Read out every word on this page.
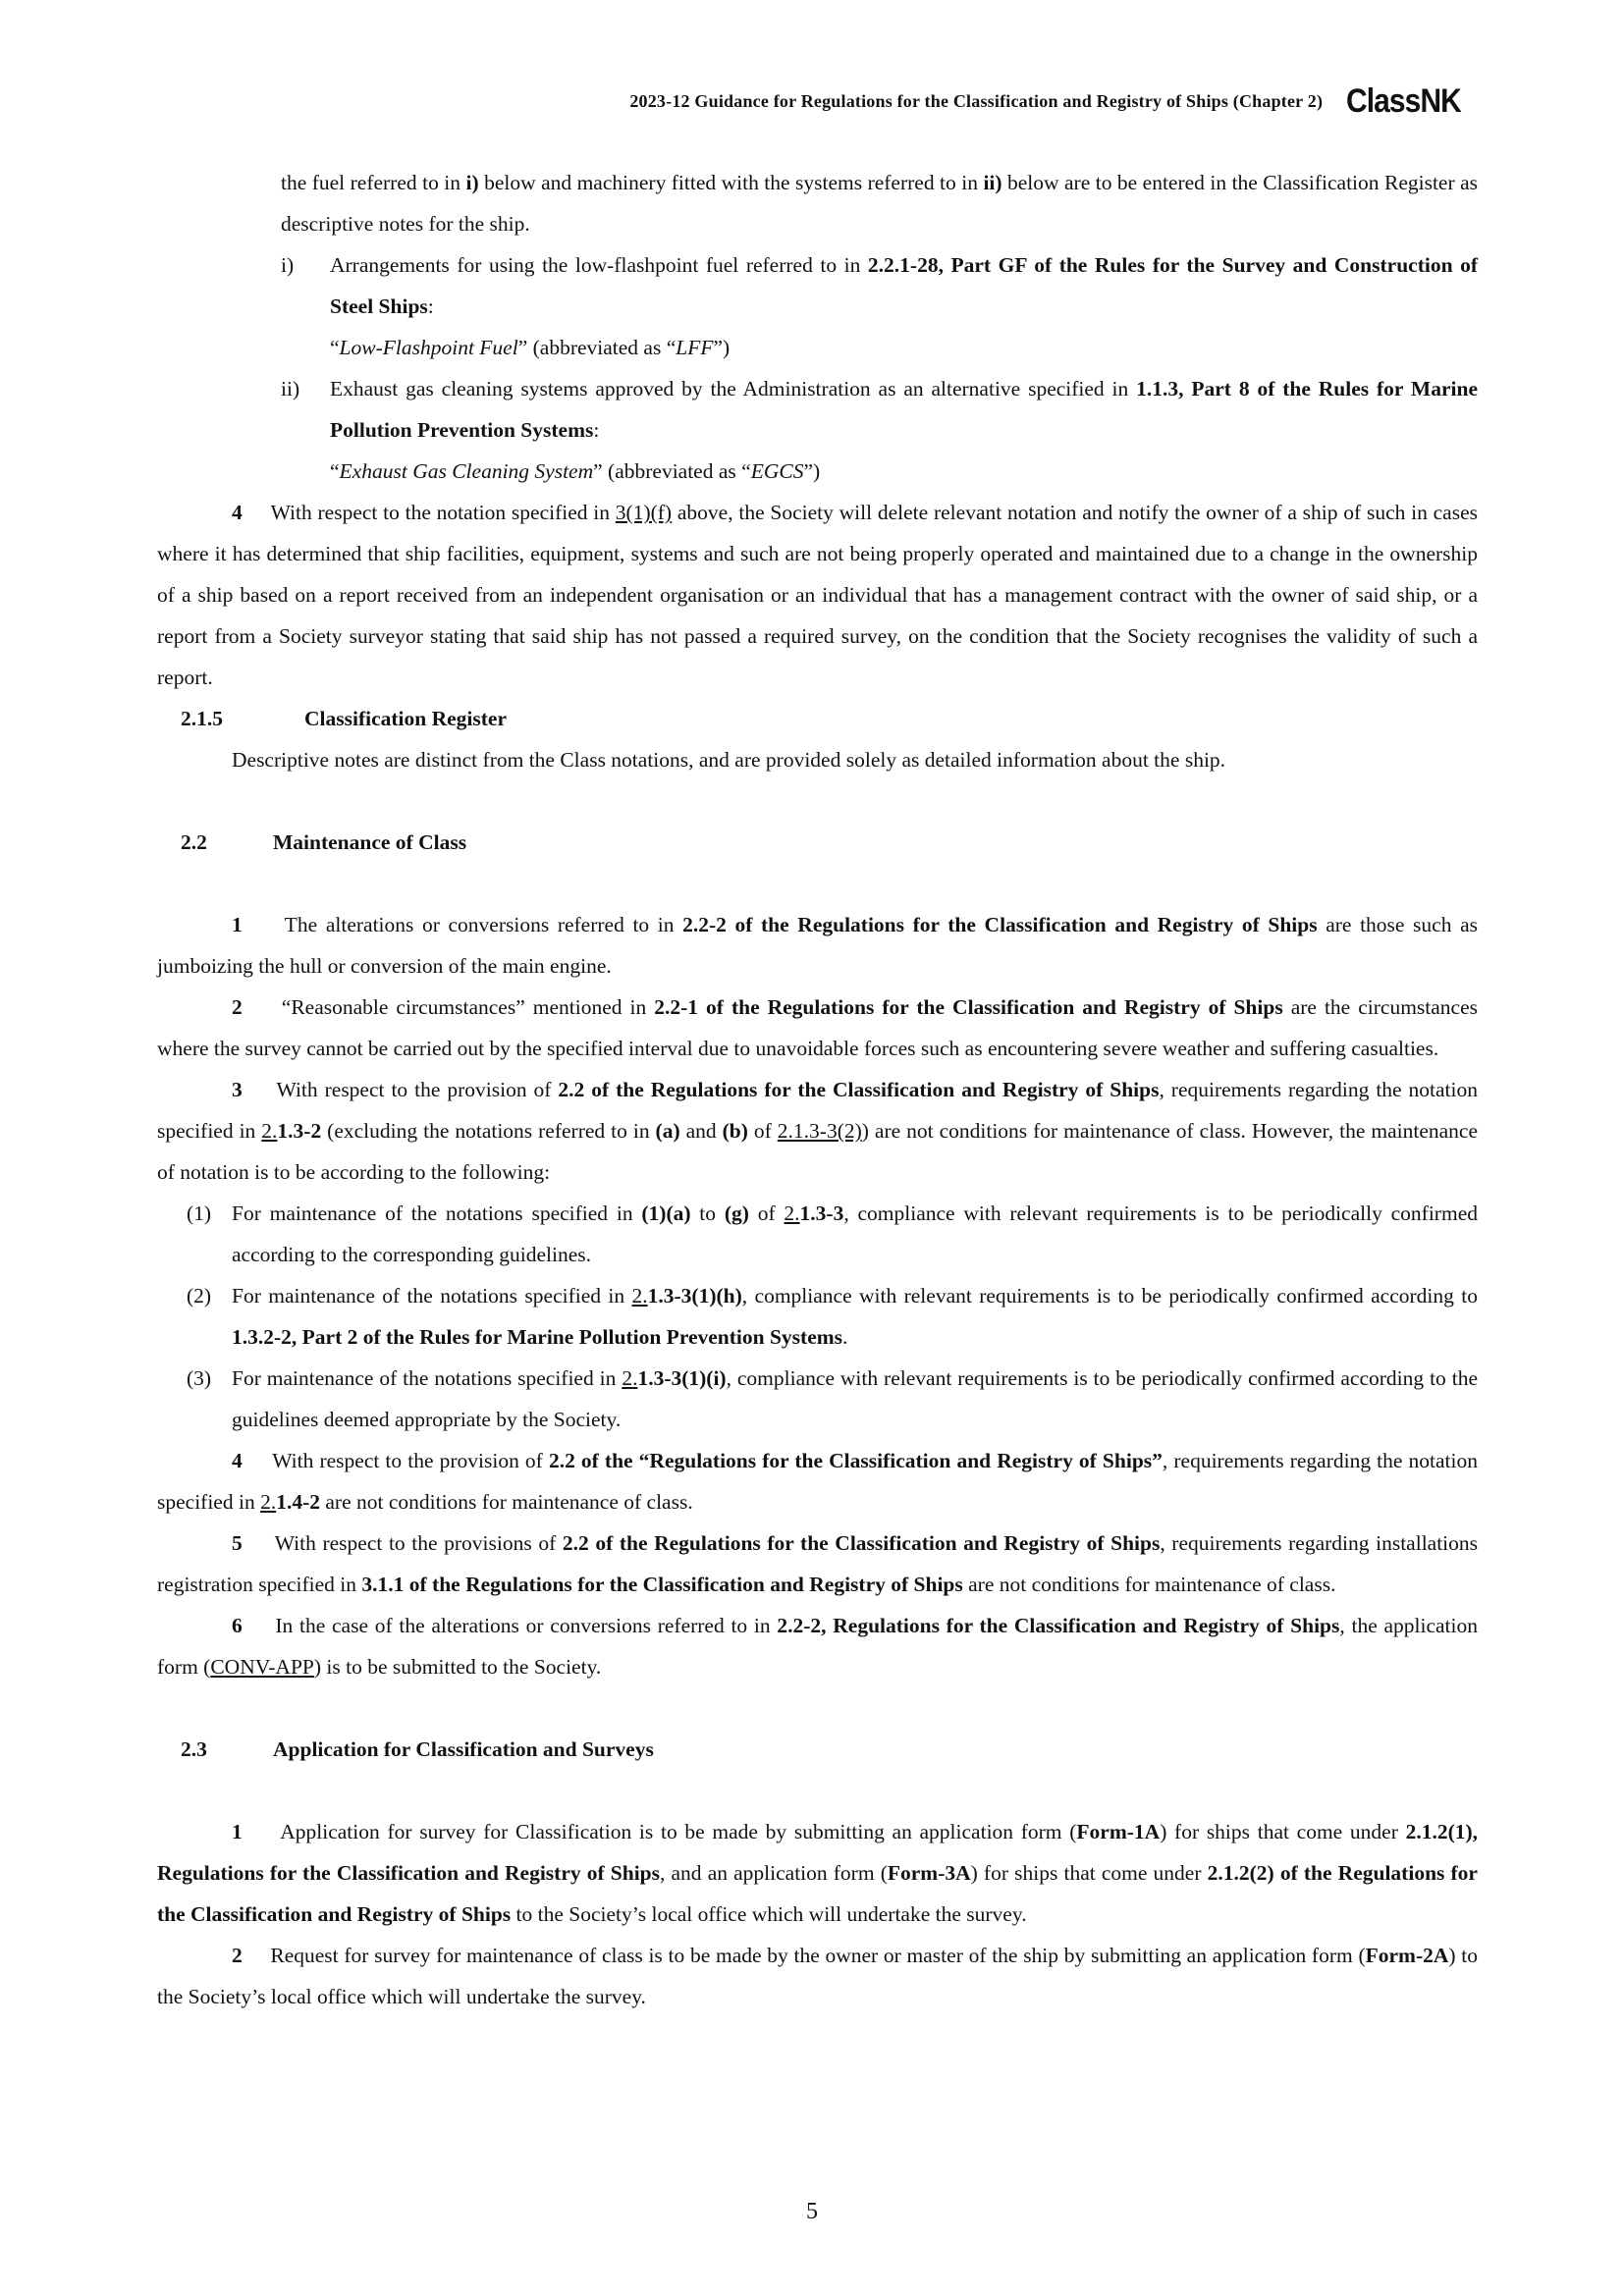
2023-12 Guidance for Regulations for the Classification and Registry of Ships (Chapter 2) ClassNK

the fuel referred to in i) below and machinery fitted with the systems referred to in ii) below are to be entered in the Classification Register as descriptive notes for the ship.

i)	Arrangements for using the low-flashpoint fuel referred to in 2.2.1-28, Part GF of the Rules for the Survey and Construction of Steel Ships:

“Low-Flashpoint Fuel” (abbreviated as “LFF”)

ii)	Exhaust gas cleaning systems approved by the Administration as an alternative specified in 1.1.3, Part 8 of the Rules for Marine Pollution Prevention Systems:

“Exhaust Gas Cleaning System” (abbreviated as “EGCS”)

4 With respect to the notation specified in 3(1)(f) above, the Society will delete relevant notation and notify the owner of a ship of such in cases where it has determined that ship facilities, equipment, systems and such are not being properly operated and maintained due to a change in the ownership of a ship based on a report received from an independent organisation or an individual that has a management contract with the owner of said ship, or a report from a Society surveyor stating that said ship has not passed a required survey, on the condition that the Society recognises the validity of such a report.

2.1.5	Classification Register

Descriptive notes are distinct from the Class notations, and are provided solely as detailed information about the ship.

2.2	Maintenance of Class

1 The alterations or conversions referred to in 2.2-2 of the Regulations for the Classification and Registry of Ships are those such as jumboizing the hull or conversion of the main engine.

2 “Reasonable circumstances” mentioned in 2.2-1 of the Regulations for the Classification and Registry of Ships are the circumstances where the survey cannot be carried out by the specified interval due to unavoidable forces such as encountering severe weather and suffering casualties.

3 With respect to the provision of 2.2 of the Regulations for the Classification and Registry of Ships, requirements regarding the notation specified in 2.1.3-2 (excluding the notations referred to in (a) and (b) of 2.1.3-3(2)) are not conditions for maintenance of class. However, the maintenance of notation is to be according to the following:

(1) For maintenance of the notations specified in (1)(a) to (g) of 2.1.3-3, compliance with relevant requirements is to be periodically confirmed according to the corresponding guidelines.
(2) For maintenance of the notations specified in 2.1.3-3(1)(h), compliance with relevant requirements is to be periodically confirmed according to 1.3.2-2, Part 2 of the Rules for Marine Pollution Prevention Systems.
(3) For maintenance of the notations specified in 2.1.3-3(1)(i), compliance with relevant requirements is to be periodically confirmed according to the guidelines deemed appropriate by the Society.

4 With respect to the provision of 2.2 of the “Regulations for the Classification and Registry of Ships”, requirements regarding the notation specified in 2.1.4-2 are not conditions for maintenance of class.

5 With respect to the provisions of 2.2 of the Regulations for the Classification and Registry of Ships, requirements regarding installations registration specified in 3.1.1 of the Regulations for the Classification and Registry of Ships are not conditions for maintenance of class.

6 In the case of the alterations or conversions referred to in 2.2-2, Regulations for the Classification and Registry of Ships, the application form (CONV-APP) is to be submitted to the Society.

2.3	Application for Classification and Surveys

1 Application for survey for Classification is to be made by submitting an application form (Form-1A) for ships that come under 2.1.2(1), Regulations for the Classification and Registry of Ships, and an application form (Form-3A) for ships that come under 2.1.2(2) of the Regulations for the Classification and Registry of Ships to the Society’s local office which will undertake the survey.

2 Request for survey for maintenance of class is to be made by the owner or master of the ship by submitting an application form (Form-2A) to the Society’s local office which will undertake the survey.

5
